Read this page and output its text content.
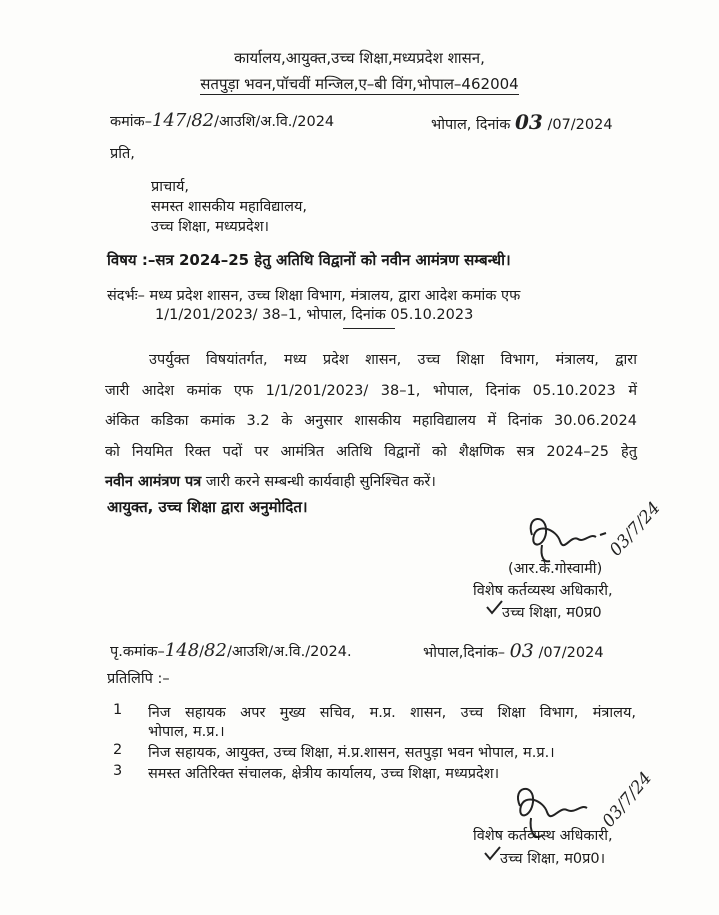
कार्यालय,आयुक्त,उच्च शिक्षा,मध्यप्रदेश शासन,
सतपुड़ा भवन,पॉचवीं मन्जिल,ए–बी विंग,भोपाल–462004
कमांक–147/82/आउशि/अ.वि./2024	भोपाल, दिनांक 03 /07/2024
प्रति,
प्राचार्य,
समस्त शासकीय महाविद्यालय,
उच्च शिक्षा, मध्यप्रदेश।
विषय :–सत्र 2024–25 हेतु अतिथि विद्वानों को नवीन आमंत्रण सम्बन्धी।
संदर्भः– मध्य प्रदेश शासन, उच्च शिक्षा विभाग, मंत्रालय, द्वारा आदेश कमांक एफ
1/1/201/2023/ 38–1, भोपाल, दिनांक 05.10.2023
उपर्युक्त विषयांतर्गत, मध्य प्रदेश शासन, उच्च शिक्षा विभाग, मंत्रालय, द्वारा
जारी आदेश कमांक एफ 1/1/201/2023/ 38–1, भोपाल, दिनांक 05.10.2023 में
अंकित कडिका कमांक 3.2 के अनुसार शासकीय महाविद्यालय में दिनांक 30.06.2024
को नियमित रिक्त पदों पर आमंत्रित अतिथि विद्वानों को शैक्षणिक सत्र 2024–25 हेतु
नवीन आमंत्रण पत्र जारी करने सम्बन्धी कार्यवाही सुनिश्चित करें।
आयुक्त, उच्च शिक्षा द्वारा अनुमोदित।	03/7/24
(आर.के.गोस्वामी)
विशेष कर्तव्यस्थ अधिकारी,
उच्च शिक्षा, म0प्र0
पृ.कमांक–148/82/आउशि/अ.वि./2024.	भोपाल,दिनांक– 03 /07/2024
प्रतिलिपि :–
1 निज सहायक अपर मुख्य सचिव, म.प्र. शासन, उच्च शिक्षा विभाग, मंत्रालय,
भोपाल, म.प्र.।
2 निज सहायक, आयुक्त, उच्च शिक्षा, मं.प्र.शासन, सतपुड़ा भवन भोपाल, म.प्र.।
3 समस्त अतिरिक्त संचालक, क्षेत्रीय कार्यालय, उच्च शिक्षा, मध्यप्रदेश।	03/7/24
विशेष कर्तव्यस्थ अधिकारी,
उच्च शिक्षा, म0प्र0।
